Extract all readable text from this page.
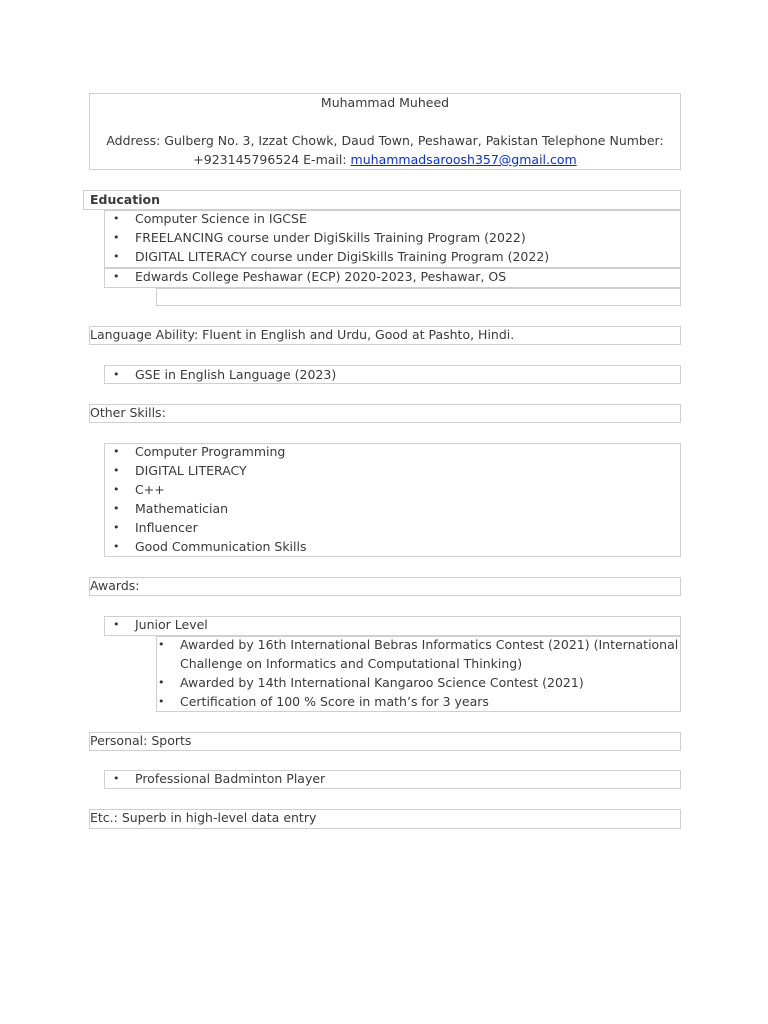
Muhammad Muheed
Address: Gulberg No. 3, Izzat Chowk, Daud Town, Peshawar, Pakistan Telephone Number:
+923145796524 E-mail: muhammadsaroosh357@gmail.com
Education
• Computer Science in IGCSE
• FREELANCING course under DigiSkills Training Program (2022)
• DIGITAL LITERACY course under DigiSkills Training Program (2022)
• Edwards College Peshawar (ECP) 2020-2023, Peshawar, OS
Language Ability: Fluent in English and Urdu, Good at Pashto, Hindi.
• GSE in English Language (2023)
Other Skills:
• Computer Programming
• DIGITAL LITERACY
• C++
• Mathematician
• Influencer
• Good Communication Skills
Awards:
• Junior Level
• Awarded by 16th International Bebras Informatics Contest (2021) (International
Challenge on Informatics and Computational Thinking)
• Awarded by 14th International Kangaroo Science Contest (2021)
• Certification of 100 % Score in math’s for 3 years
Personal: Sports
• Professional Badminton Player
Etc.: Superb in high-level data entry
